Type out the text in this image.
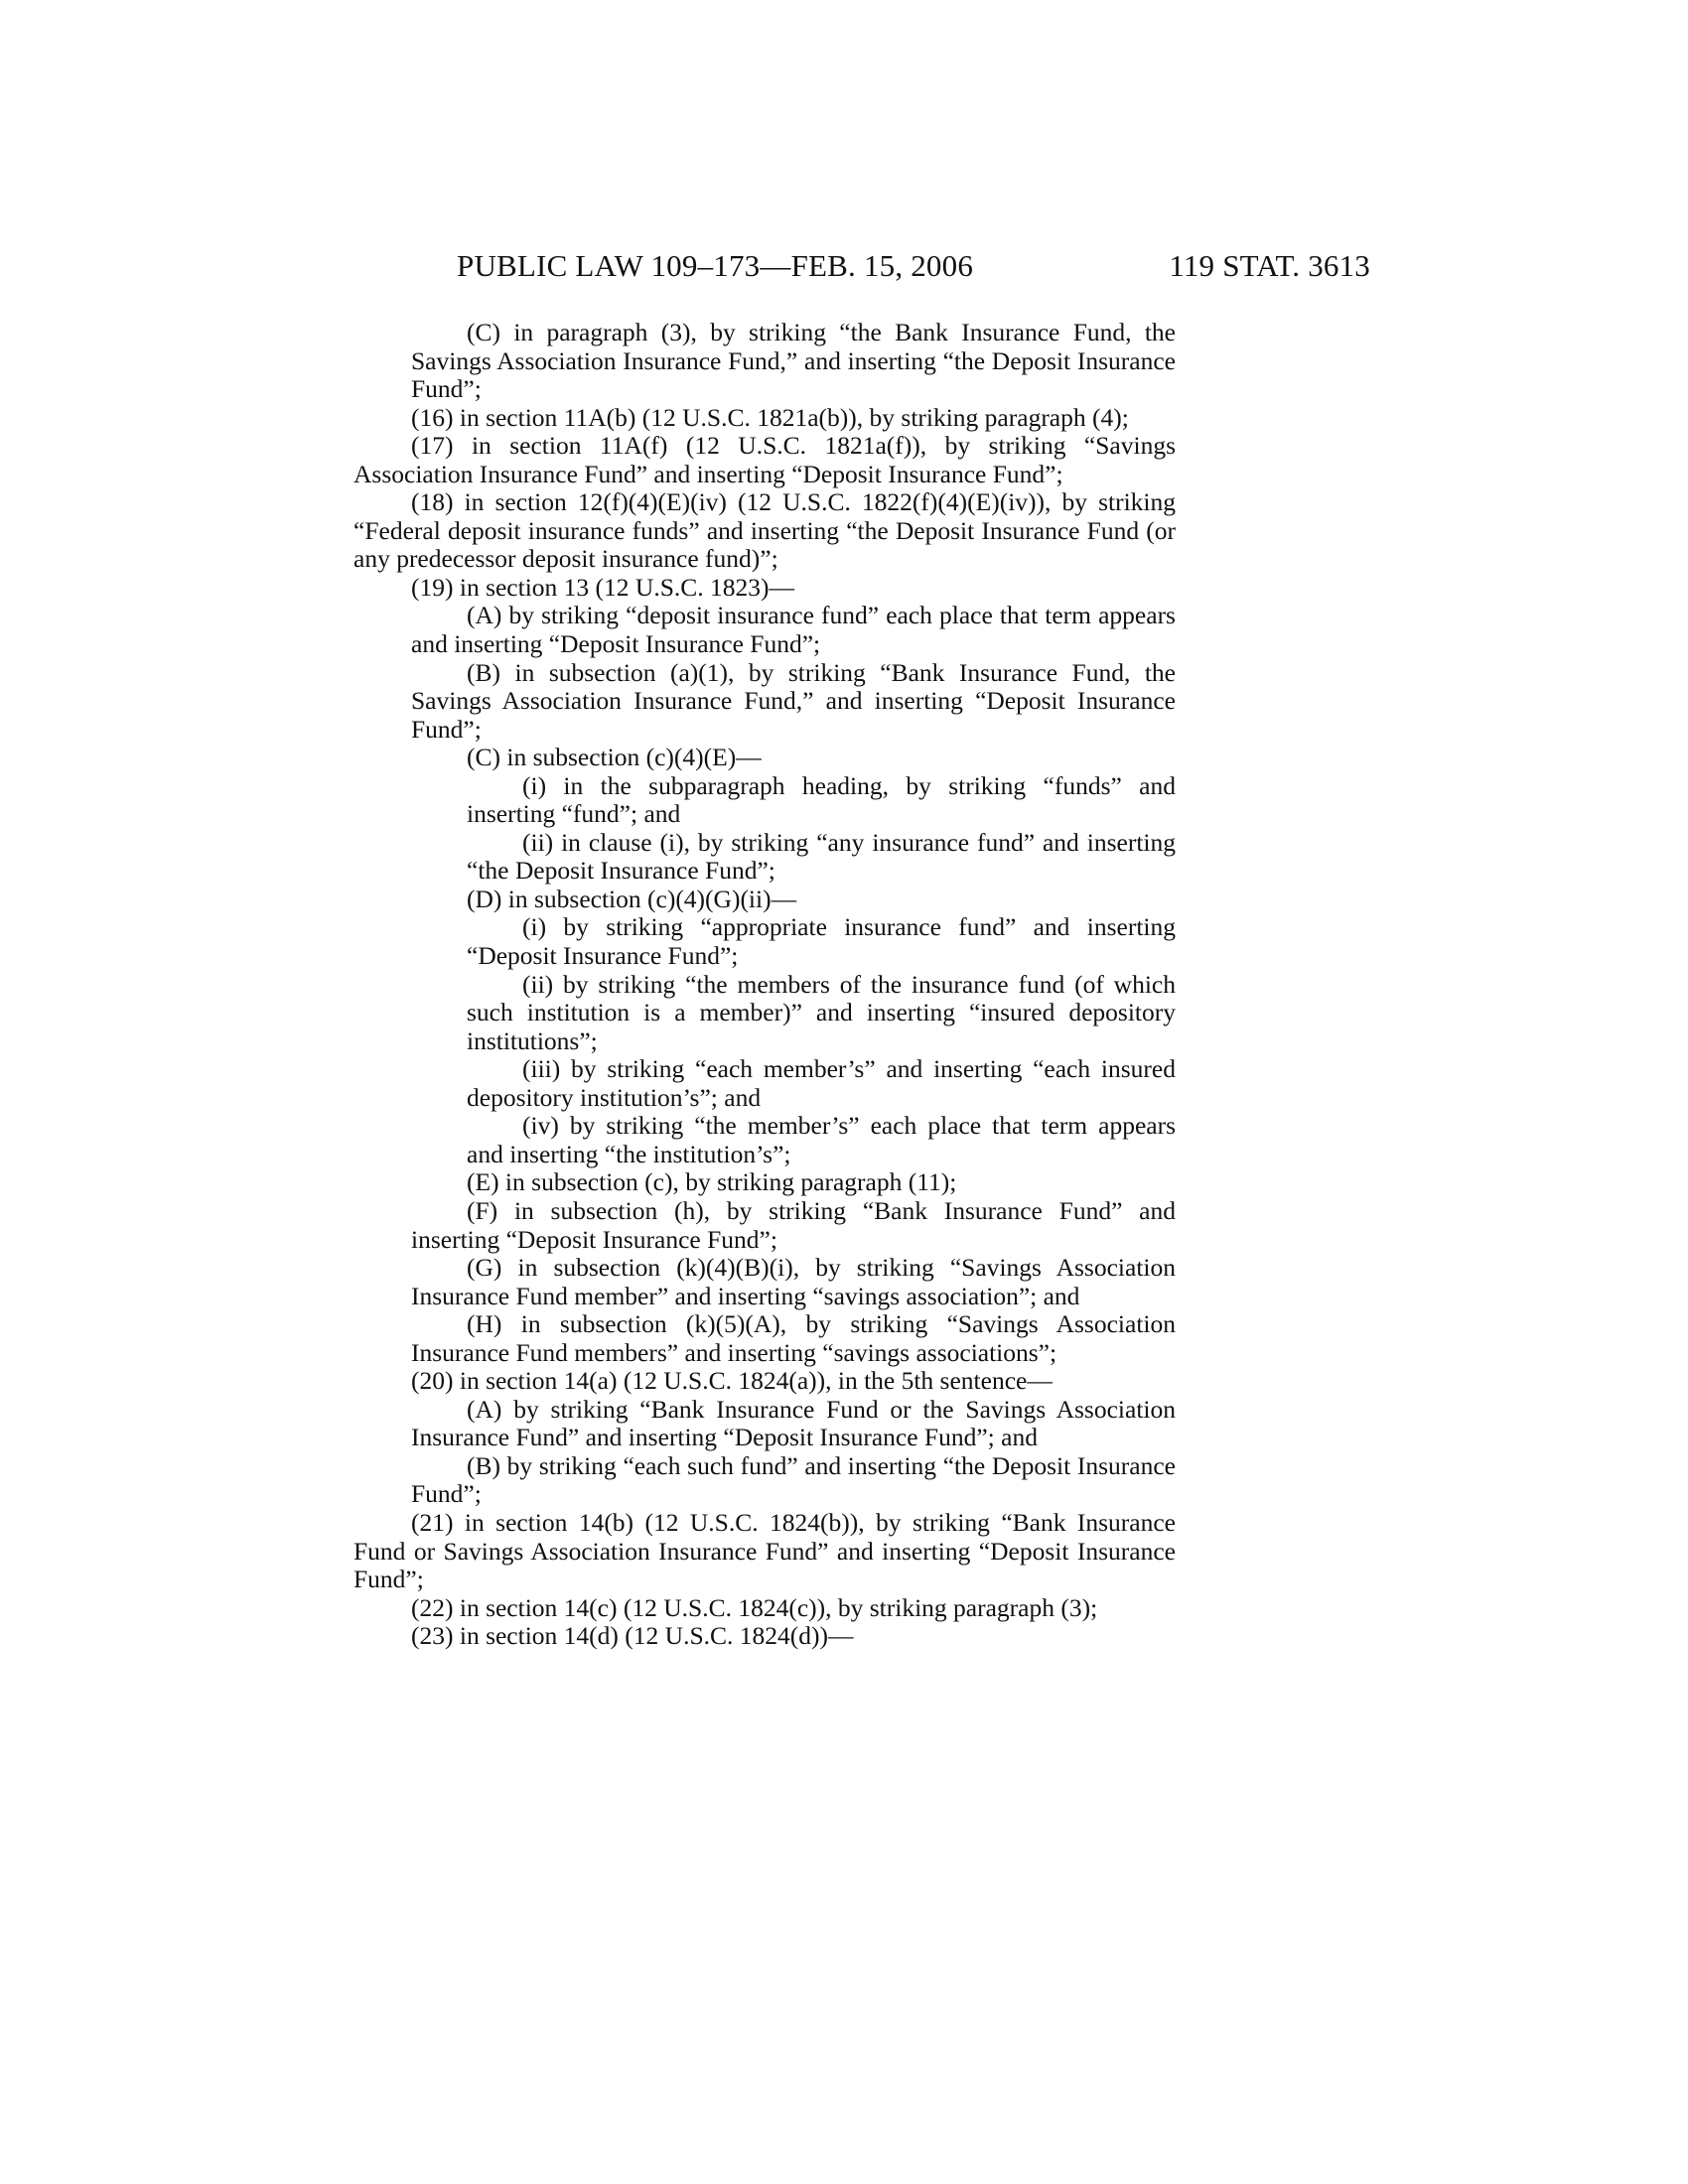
PUBLIC LAW 109–173—FEB. 15, 2006	119 STAT. 3613

(C) in paragraph (3), by striking “the Bank Insurance Fund, the Savings Association Insurance Fund,” and inserting “the Deposit Insurance Fund”;

(16) in section 11A(b) (12 U.S.C. 1821a(b)), by striking paragraph (4);

(17) in section 11A(f) (12 U.S.C. 1821a(f)), by striking “Savings Association Insurance Fund” and inserting “Deposit Insurance Fund”;

(18) in section 12(f)(4)(E)(iv) (12 U.S.C. 1822(f)(4)(E)(iv)), by striking “Federal deposit insurance funds” and inserting “the Deposit Insurance Fund (or any predecessor deposit insurance fund)”;

(19) in section 13 (12 U.S.C. 1823)—

(A) by striking “deposit insurance fund” each place that term appears and inserting “Deposit Insurance Fund”;

(B) in subsection (a)(1), by striking “Bank Insurance Fund, the Savings Association Insurance Fund,” and inserting “Deposit Insurance Fund”;

(C) in subsection (c)(4)(E)—

(i) in the subparagraph heading, by striking “funds” and inserting “fund”; and

(ii) in clause (i), by striking “any insurance fund” and inserting “the Deposit Insurance Fund”;

(D) in subsection (c)(4)(G)(ii)—

(i) by striking “appropriate insurance fund” and inserting “Deposit Insurance Fund”;

(ii) by striking “the members of the insurance fund (of which such institution is a member)” and inserting “insured depository institutions”;

(iii) by striking “each member’s” and inserting “each insured depository institution’s”; and

(iv) by striking “the member’s” each place that term appears and inserting “the institution’s”;

(E) in subsection (c), by striking paragraph (11);

(F) in subsection (h), by striking “Bank Insurance Fund” and inserting “Deposit Insurance Fund”;

(G) in subsection (k)(4)(B)(i), by striking “Savings Association Insurance Fund member” and inserting “savings association”; and

(H) in subsection (k)(5)(A), by striking “Savings Association Insurance Fund members” and inserting “savings associations”;

(20) in section 14(a) (12 U.S.C. 1824(a)), in the 5th sentence—

(A) by striking “Bank Insurance Fund or the Savings Association Insurance Fund” and inserting “Deposit Insurance Fund”; and

(B) by striking “each such fund” and inserting “the Deposit Insurance Fund”;

(21) in section 14(b) (12 U.S.C. 1824(b)), by striking “Bank Insurance Fund or Savings Association Insurance Fund” and inserting “Deposit Insurance Fund”;

(22) in section 14(c) (12 U.S.C. 1824(c)), by striking paragraph (3);

(23) in section 14(d) (12 U.S.C. 1824(d))—
